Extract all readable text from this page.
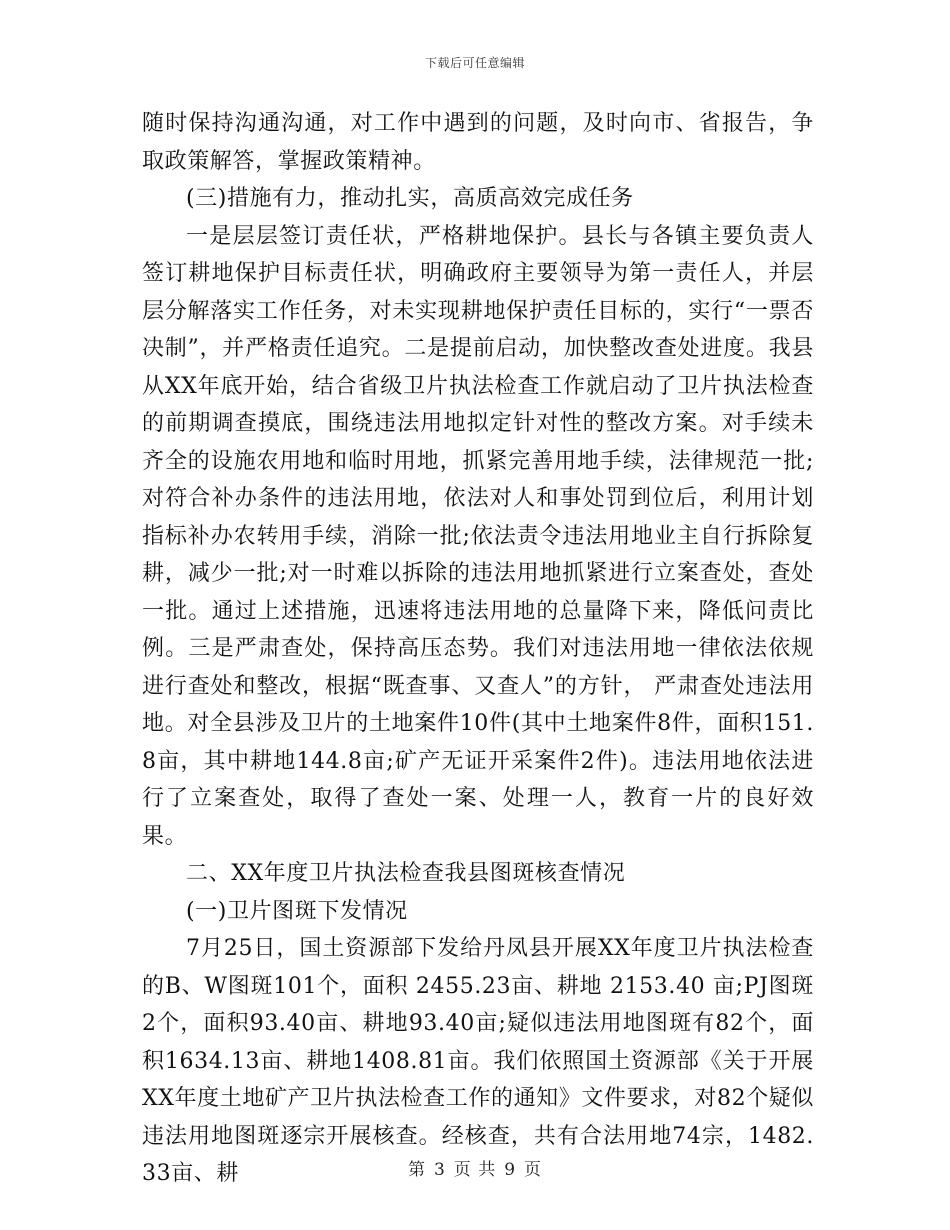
下载后可任意编辑

随时保持沟通沟通，对工作中遇到的问题，及时向市、省报告，争取政策解答，掌握政策精神。

(三)措施有力，推动扎实，高质高效完成任务

一是层层签订责任状，严格耕地保护。县长与各镇主要负责人签订耕地保护目标责任状，明确政府主要领导为第一责任人，并层层分解落实工作任务，对未实现耕地保护责任目标的，实行“一票否决制”，并严格责任追究。二是提前启动，加快整改查处进度。我县从XX年底开始，结合省级卫片执法检查工作就启动了卫片执法检查的前期调查摸底，围绕违法用地拟定针对性的整改方案。对手续未齐全的设施农用地和临时用地，抓紧完善用地手续，法律规范一批;对符合补办条件的违法用地，依法对人和事处罚到位后，利用计划指标补办农转用手续，消除一批;依法责令违法用地业主自行拆除复耕，减少一批;对一时难以拆除的违法用地抓紧进行立案查处，查处一批。通过上述措施，迅速将违法用地的总量降下来，降低问责比例。三是严肃查处，保持高压态势。我们对违法用地一律依法依规进行查处和整改，根据“既查事、又查人”的方针， 严肃查处违法用地。对全县涉及卫片的土地案件10件(其中土地案件8件，面积151.8亩，其中耕地144.8亩;矿产无证开采案件2件)。违法用地依法进行了立案查处，取得了查处一案、处理一人，教育一片的良好效果。

二、XX年度卫片执法检查我县图斑核查情况

(一)卫片图斑下发情况

7月25日，国土资源部下发给丹凤县开展XX年度卫片执法检查的B、W图斑101个，面积 2455.23亩、耕地 2153.40 亩;PJ图斑2个，面积93.40亩、耕地93.40亩;疑似违法用地图斑有82个，面积1634.13亩、耕地1408.81亩。我们依照国土资源部《关于开展XX年度土地矿产卫片执法检查工作的通知》文件要求，对82个疑似违法用地图斑逐宗开展核查。经核查，共有合法用地74宗，1482.33亩、耕	第 3 页 共 9 页
